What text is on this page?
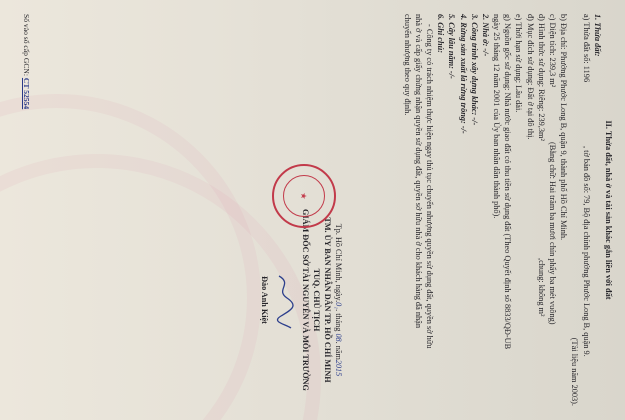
II. Thửa đất, nhà ở và tài sản khác gắn liền với đất
1. Thửa đất:
a) Thửa đất số: 1196
, tờ bản đồ số: 79, Bộ địa chính phường Phước Long B, quận 9.
(Tài liệu năm 2003).
b) Địa chỉ: Phường Phước Long B, quận 9, thành phố Hồ Chí Minh.
c) Diện tích: 239,3 m²
(Bằng chữ: Hai trăm ba mươi chín phẩy ba mét vuông)
d) Hình thức sử dụng: Riêng: 239,3m²
,chung: không m²
đ) Mục đích sử dụng: Đất ở tại đô thị.
e) Thời hạn sử dụng: Lâu dài.
g) Nguồn gốc sử dụng: Nhà nước giao đất có thu tiền sử dụng đất (Theo Quyết định số 8833/QĐ-UB
ngày 25 tháng 12 năm 2001 của Ủy ban nhân dân thành phố).
2. Nhà ở: -/-
3. Công trình xây dựng khác: -/-
4. Rừng sản xuất là rừng trồng: -/-
5. Cây lâu năm: -/-
6. Ghi chú:
- Công ty có trách nhiệm thực hiện ngay thủ tục chuyển nhượng quyền sử dụng đất, quyền sở hữu
nhà ở và cấp giấy chứng nhận quyền sử dụng đất, quyền sở hữu nhà ở cho khách hàng đã nhận
chuyển nhượng theo quy định.
Tp. Hồ Chí Minh, ngày.0₁. tháng 08. năm2015
TM. ỦY BAN NHÂN DÂN TP. HỒ CHÍ MINH
TUQ. CHỦ TỊCH
GIÁM ĐỐC SỞ TÀI NGUYÊN VÀ MÔI TRƯỜNG
Đào Anh Kiệt
★
Số vào sổ cấp GCN: CT 52554
